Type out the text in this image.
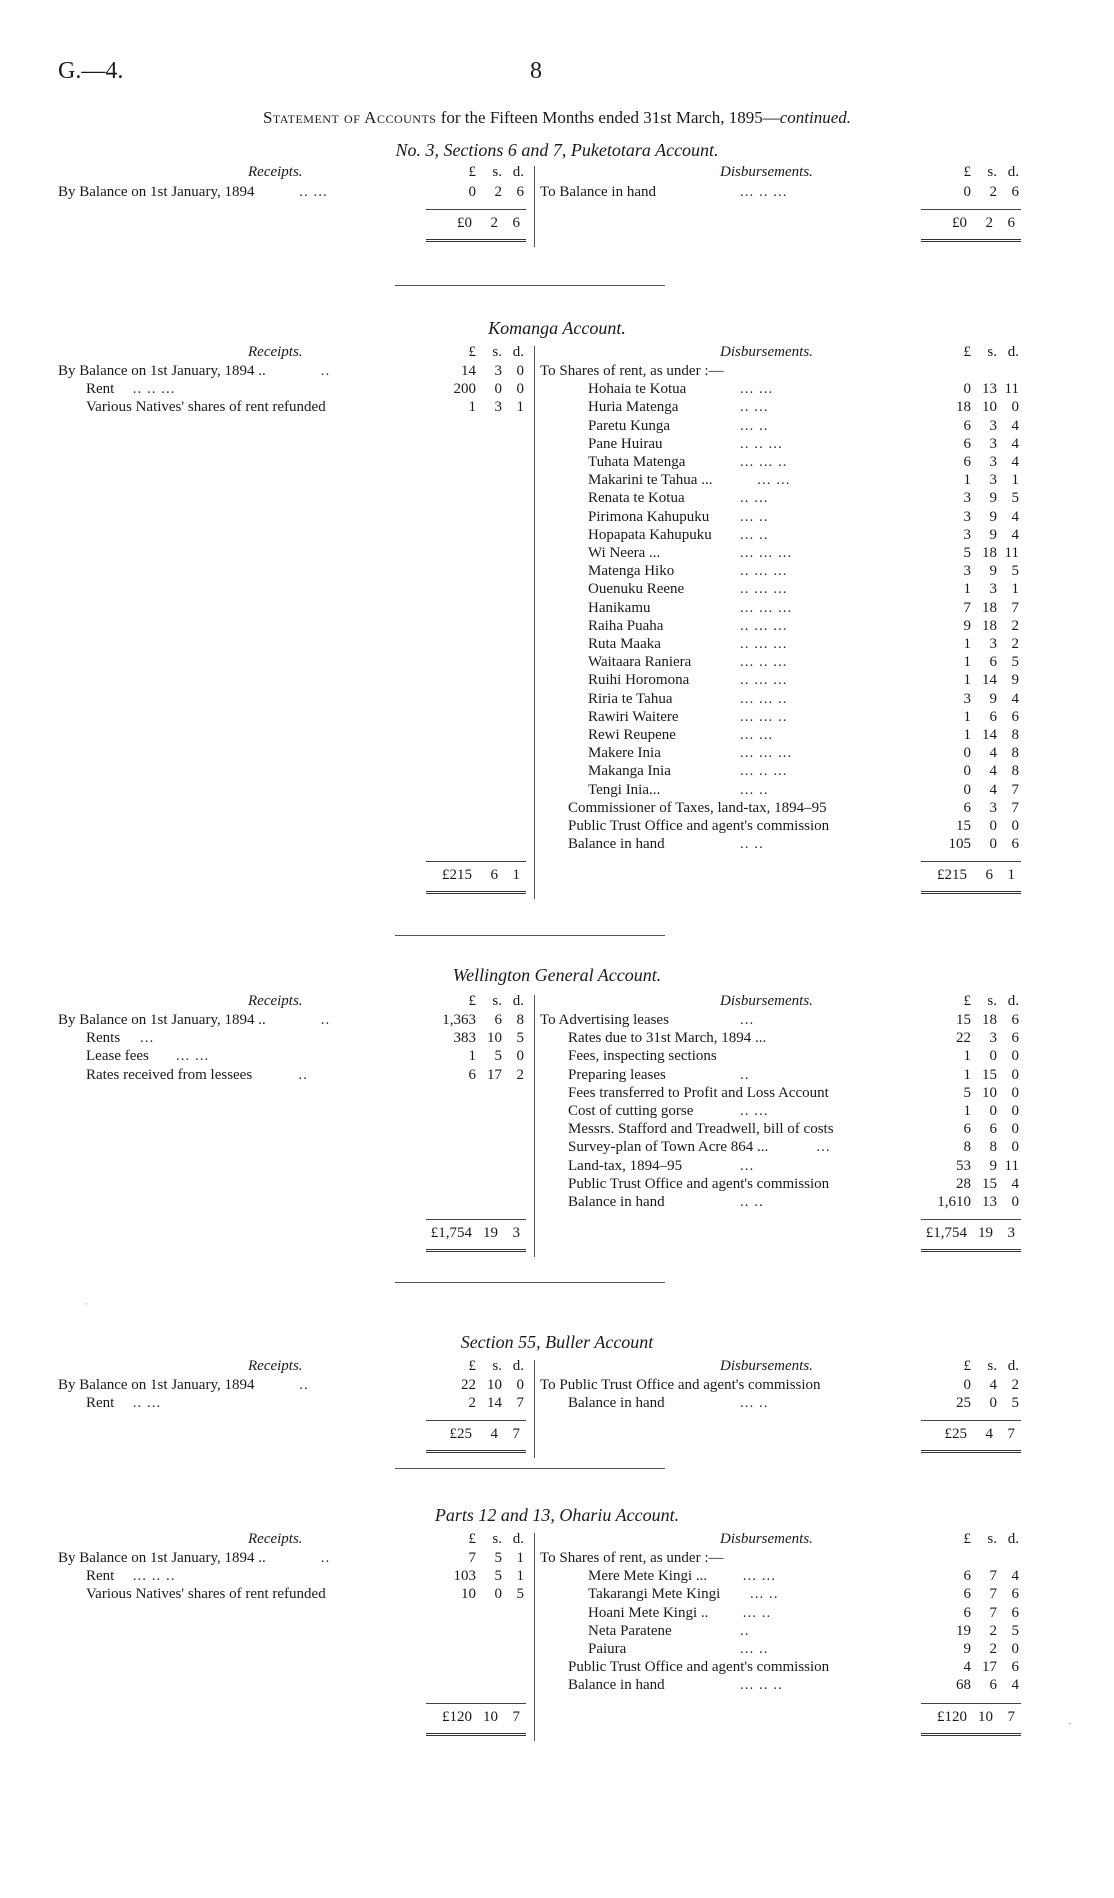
G.—4.	8
Statement of Accounts for the Fifteen Months ended 31st March, 1895—continued.
No. 3, Sections 6 and 7, Puketotara Account.
Receipts.	Disbursements.
£	s. d.	£	s. d.
By Balance on 1st January, 1894	.. ...	0	2 6 To Balance in hand	... .. ...	0	2 6
£0	2 6	£0	2 6
Komanga Account.
Receipts.	Disbursements.
£	s. d.	£	s. d.
By Balance on 1st January, 1894 ..	..	14	3 0
Rent .. .. ...	200	0 0
Various Natives' shares of rent refunded	1	3 1
To Shares of rent, as under :—
Hohaia te Kotua	... ...	0 13 11
Huria Matenga	.. ...	18 10 0
Paretu Kunga	... ..	6	3 4
Pane Huirau	.. .. ...	6	3 4
Tuhata Matenga	... ... ..	6	3 4
Makarini te Tahua ...	... ...	1	3 1
Renata te Kotua	.. ...	3	9 5
Pirimona Kahupuku ... ..	3	9 4
Hopapata Kahupuku ... ..	3	9 4
Wi Neera ...	... ... ...	5 18 11
Matenga Hiko	.. ... ...	3	9 5
Ouenuku Reene	.. ... ...	1	3 1
Hanikamu	... ... ...	7 18 7
Raiha Puaha	.. ... ...	9 18 2
Ruta Maaka	.. ... ...	1	3 2
Waitaara Raniera	... .. ...	1	6 5
Ruihi Horomona	.. ... ...	1 14 9
Riria te Tahua	... ... ..	3	9 4
Rawiri Waitere	... ... ..	1	6 6
Rewi Reupene	... ...	1 14 8
Makere Inia	... ... ...	0	4 8
Makanga Inia	... .. ...	0	4 8
Tengi Inia...	... ..	0	4 7
Commissioner of Taxes, land-tax, 1894–95	6	3 7
Public Trust Office and agent's commission	15	0 0
Balance in hand	.. ..	105	0 6
£215	6 1	£215	6 1
Wellington General Account.
Receipts.	Disbursements.
£	s. d.	£	s. d.
By Balance on 1st January, 1894 ..	..	1,363	6 8
Rents ...	383 10 5
Lease fees ... ...	1	5 0
Rates received from lessees	..	6 17 2
To Advertising leases	...	15 18 6
Rates due to 31st March, 1894 ...	22	3 6
Fees, inspecting sections	1	0 0
Preparing leases	..	1 15 0
Fees transferred to Profit and Loss Account	5 10 0
Cost of cutting gorse	.. ...	1	0 0
Messrs. Stafford and Treadwell, bill of costs	6	6 0
Survey-plan of Town Acre 864 ...	...	8	8 0
Land-tax, 1894–95	...	53	9 11
Public Trust Office and agent's commission	28 15 4
Balance in hand	.. ..	1,610 13 0
£1,754 19 3	£1,754 19 3
Section 55, Buller Account
Receipts.	Disbursements.
£	s. d.	£	s. d.
By Balance on 1st January, 1894	..	22 10 0
Rent .. ...	2 14 7
To Public Trust Office and agent's commission	0	4 2
Balance in hand	... ..	25	0 5
£25	4 7	£25	4 7
Parts 12 and 13, Ohariu Account.
Receipts.	Disbursements.
£	s. d.	£	s. d.
By Balance on 1st January, 1894 ..	..	7	5 1
Rent ... .. ..	103	5 1
Various Natives' shares of rent refunded	10	0 5
To Shares of rent, as under :—
Mere Mete Kingi ... ... ...	6	7 4
Takarangi Mete Kingi ... ..	6	7 6
Hoani Mete Kingi .. ... ..	6	7 6
Neta Paratene	..	19	2 5
Paiura	... ..	9	2 0
Public Trust Office and agent's commission	4 17 6
Balance in hand	... .. ..	68	6 4
£120 10 7	£120 10 7
˙
·
